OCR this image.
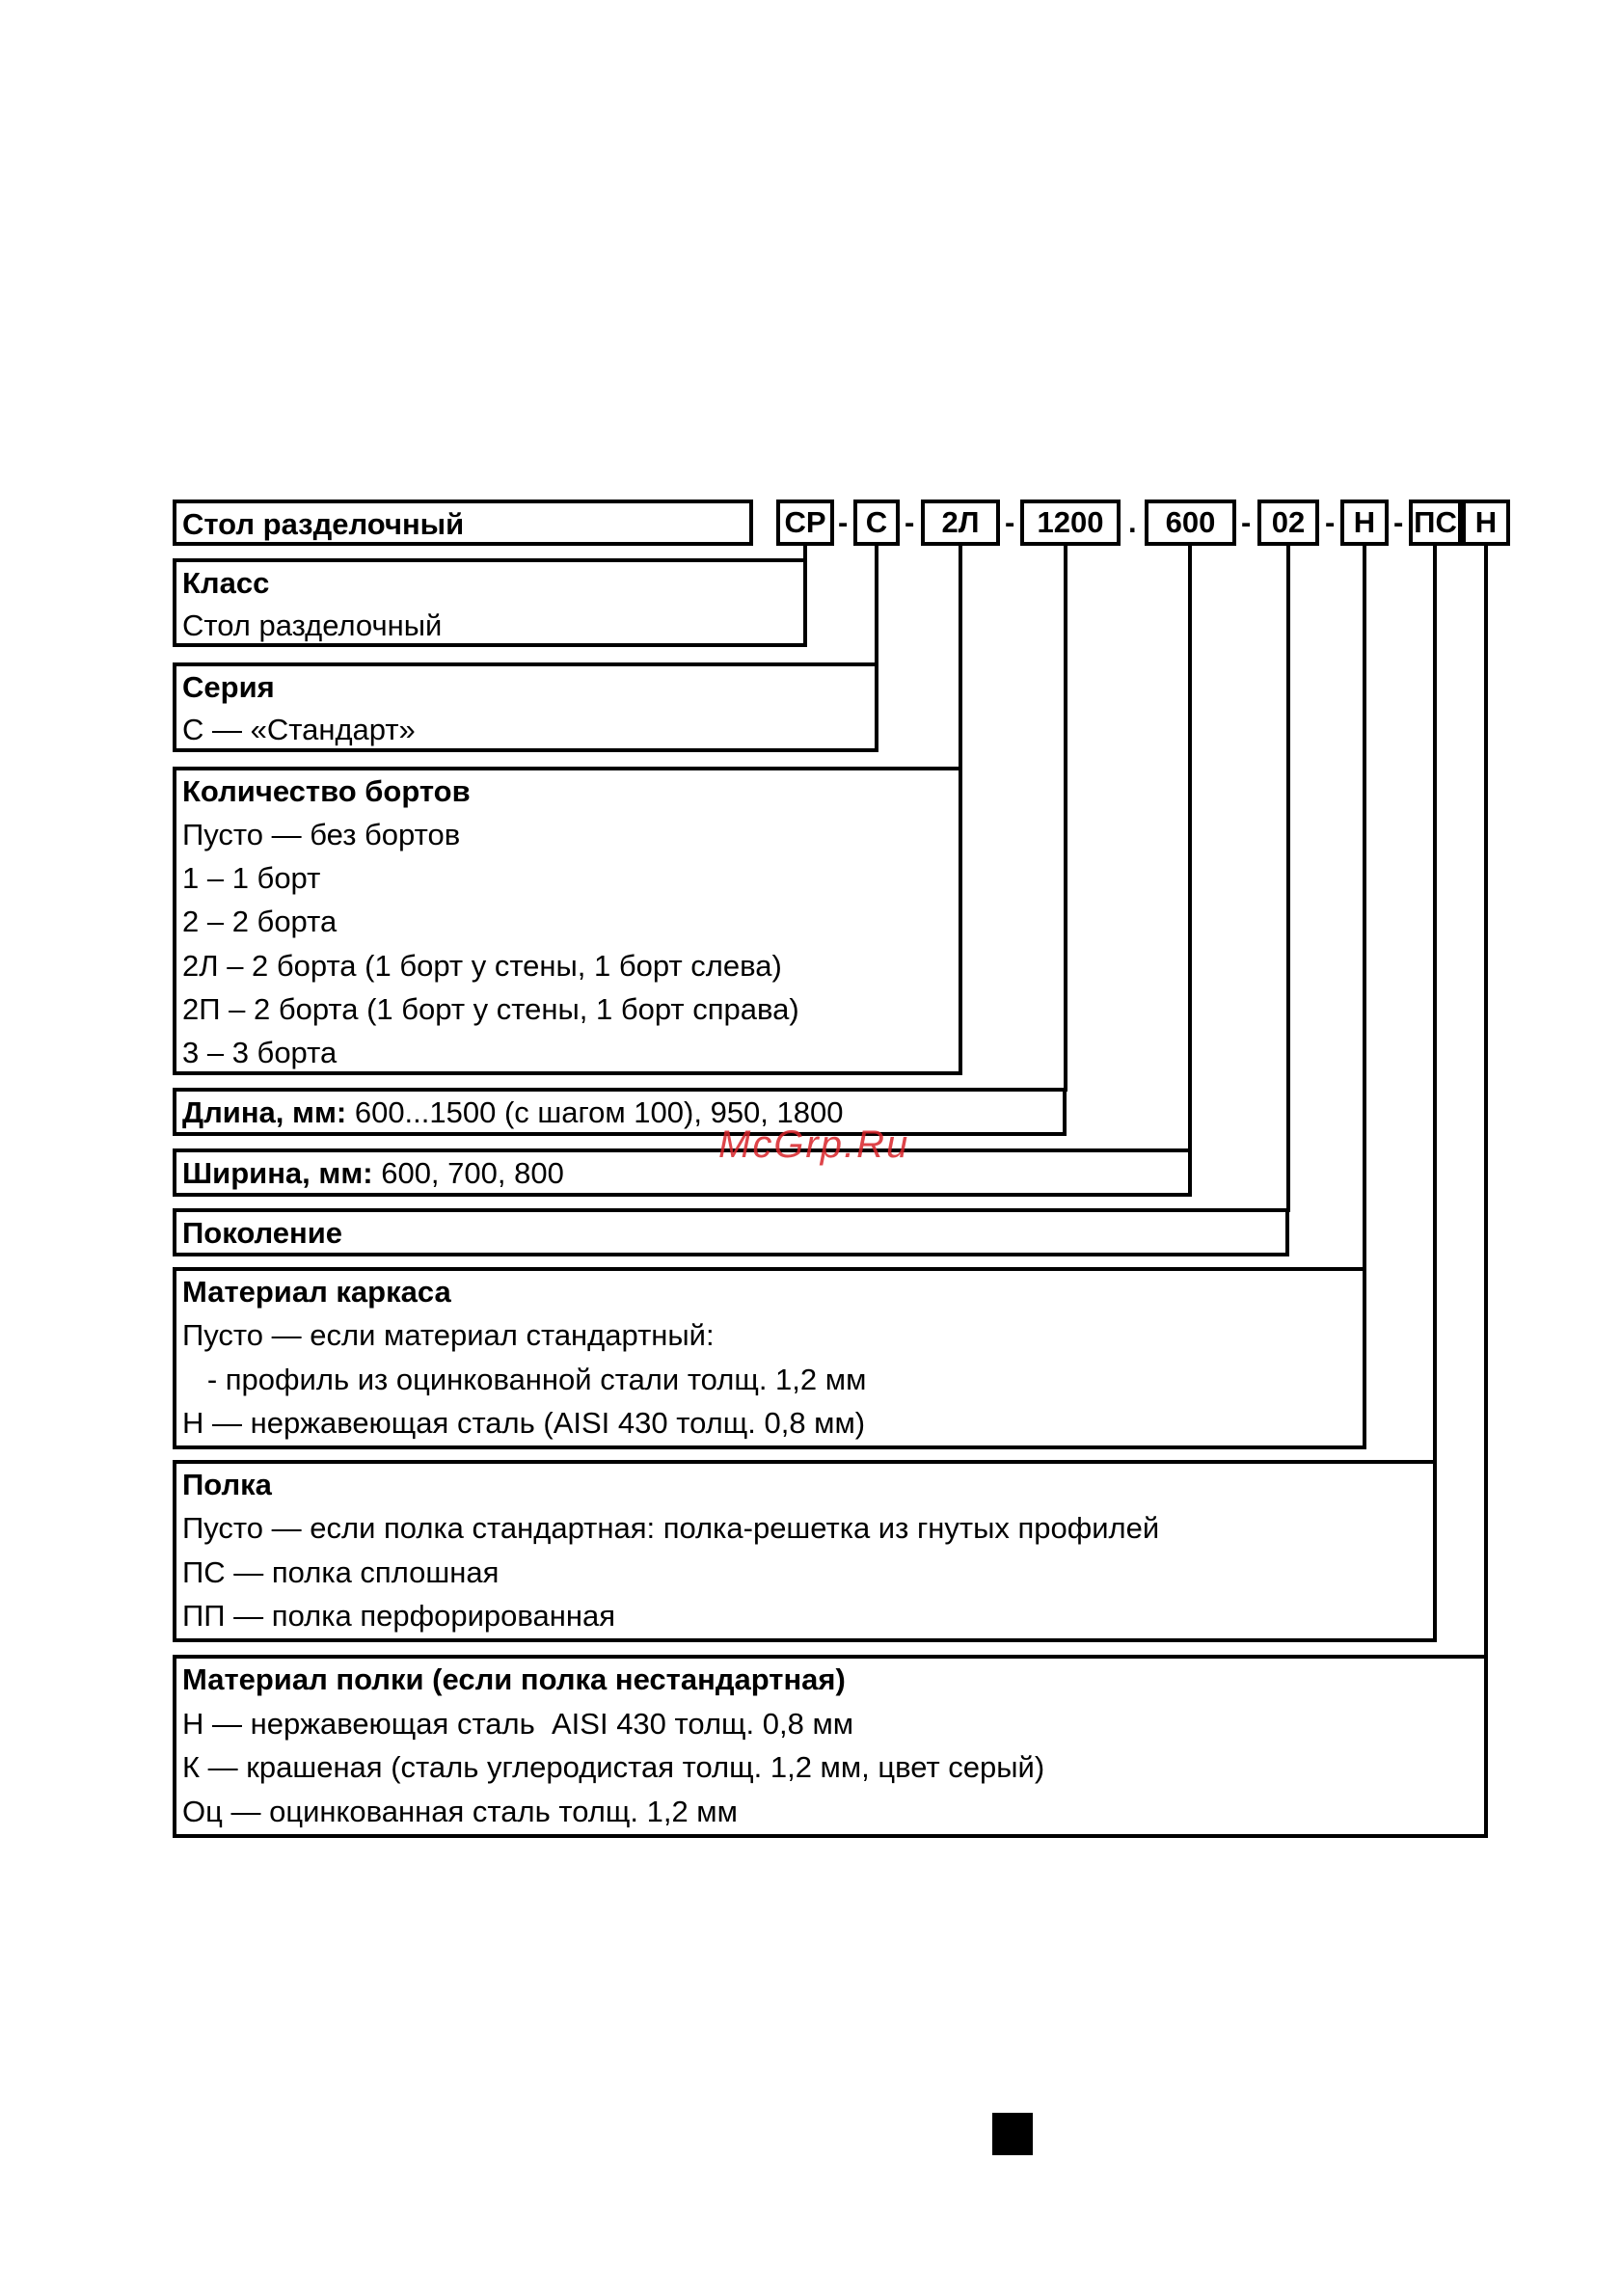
Стол разделочный	СР - С - 2Л - 1200 . 600 - 02 - Н - ПС Н
Класс
Стол разделочный
Серия
С — «Стандарт»
Количество бортов
Пусто — без бортов
1 – 1 борт
2 – 2 борта
2Л – 2 борта (1 борт у стены, 1 борт слева)
2П – 2 борта (1 борт у стены, 1 борт справа)
3 – 3 борта
Длина, мм: 600...1500 (с шагом 100), 950, 1800
Ширина, мм: 600, 700, 800
Поколение
Материал каркаса
Пусто — если материал стандартный:
- профиль из оцинкованной стали толщ. 1,2 мм
Н — нержавеющая сталь (AISI 430 толщ. 0,8 мм)
Полка
Пусто — если полка стандартная: полка-решетка из гнутых профилей
ПС — полка сплошная
ПП — полка перфорированная
Материал полки (если полка нестандартная)
Н — нержавеющая сталь  AISI 430 толщ. 0,8 мм
К — крашеная (сталь углеродистая толщ. 1,2 мм, цвет серый)
Оц — оцинкованная сталь толщ. 1,2 мм
McGrp.Ru
